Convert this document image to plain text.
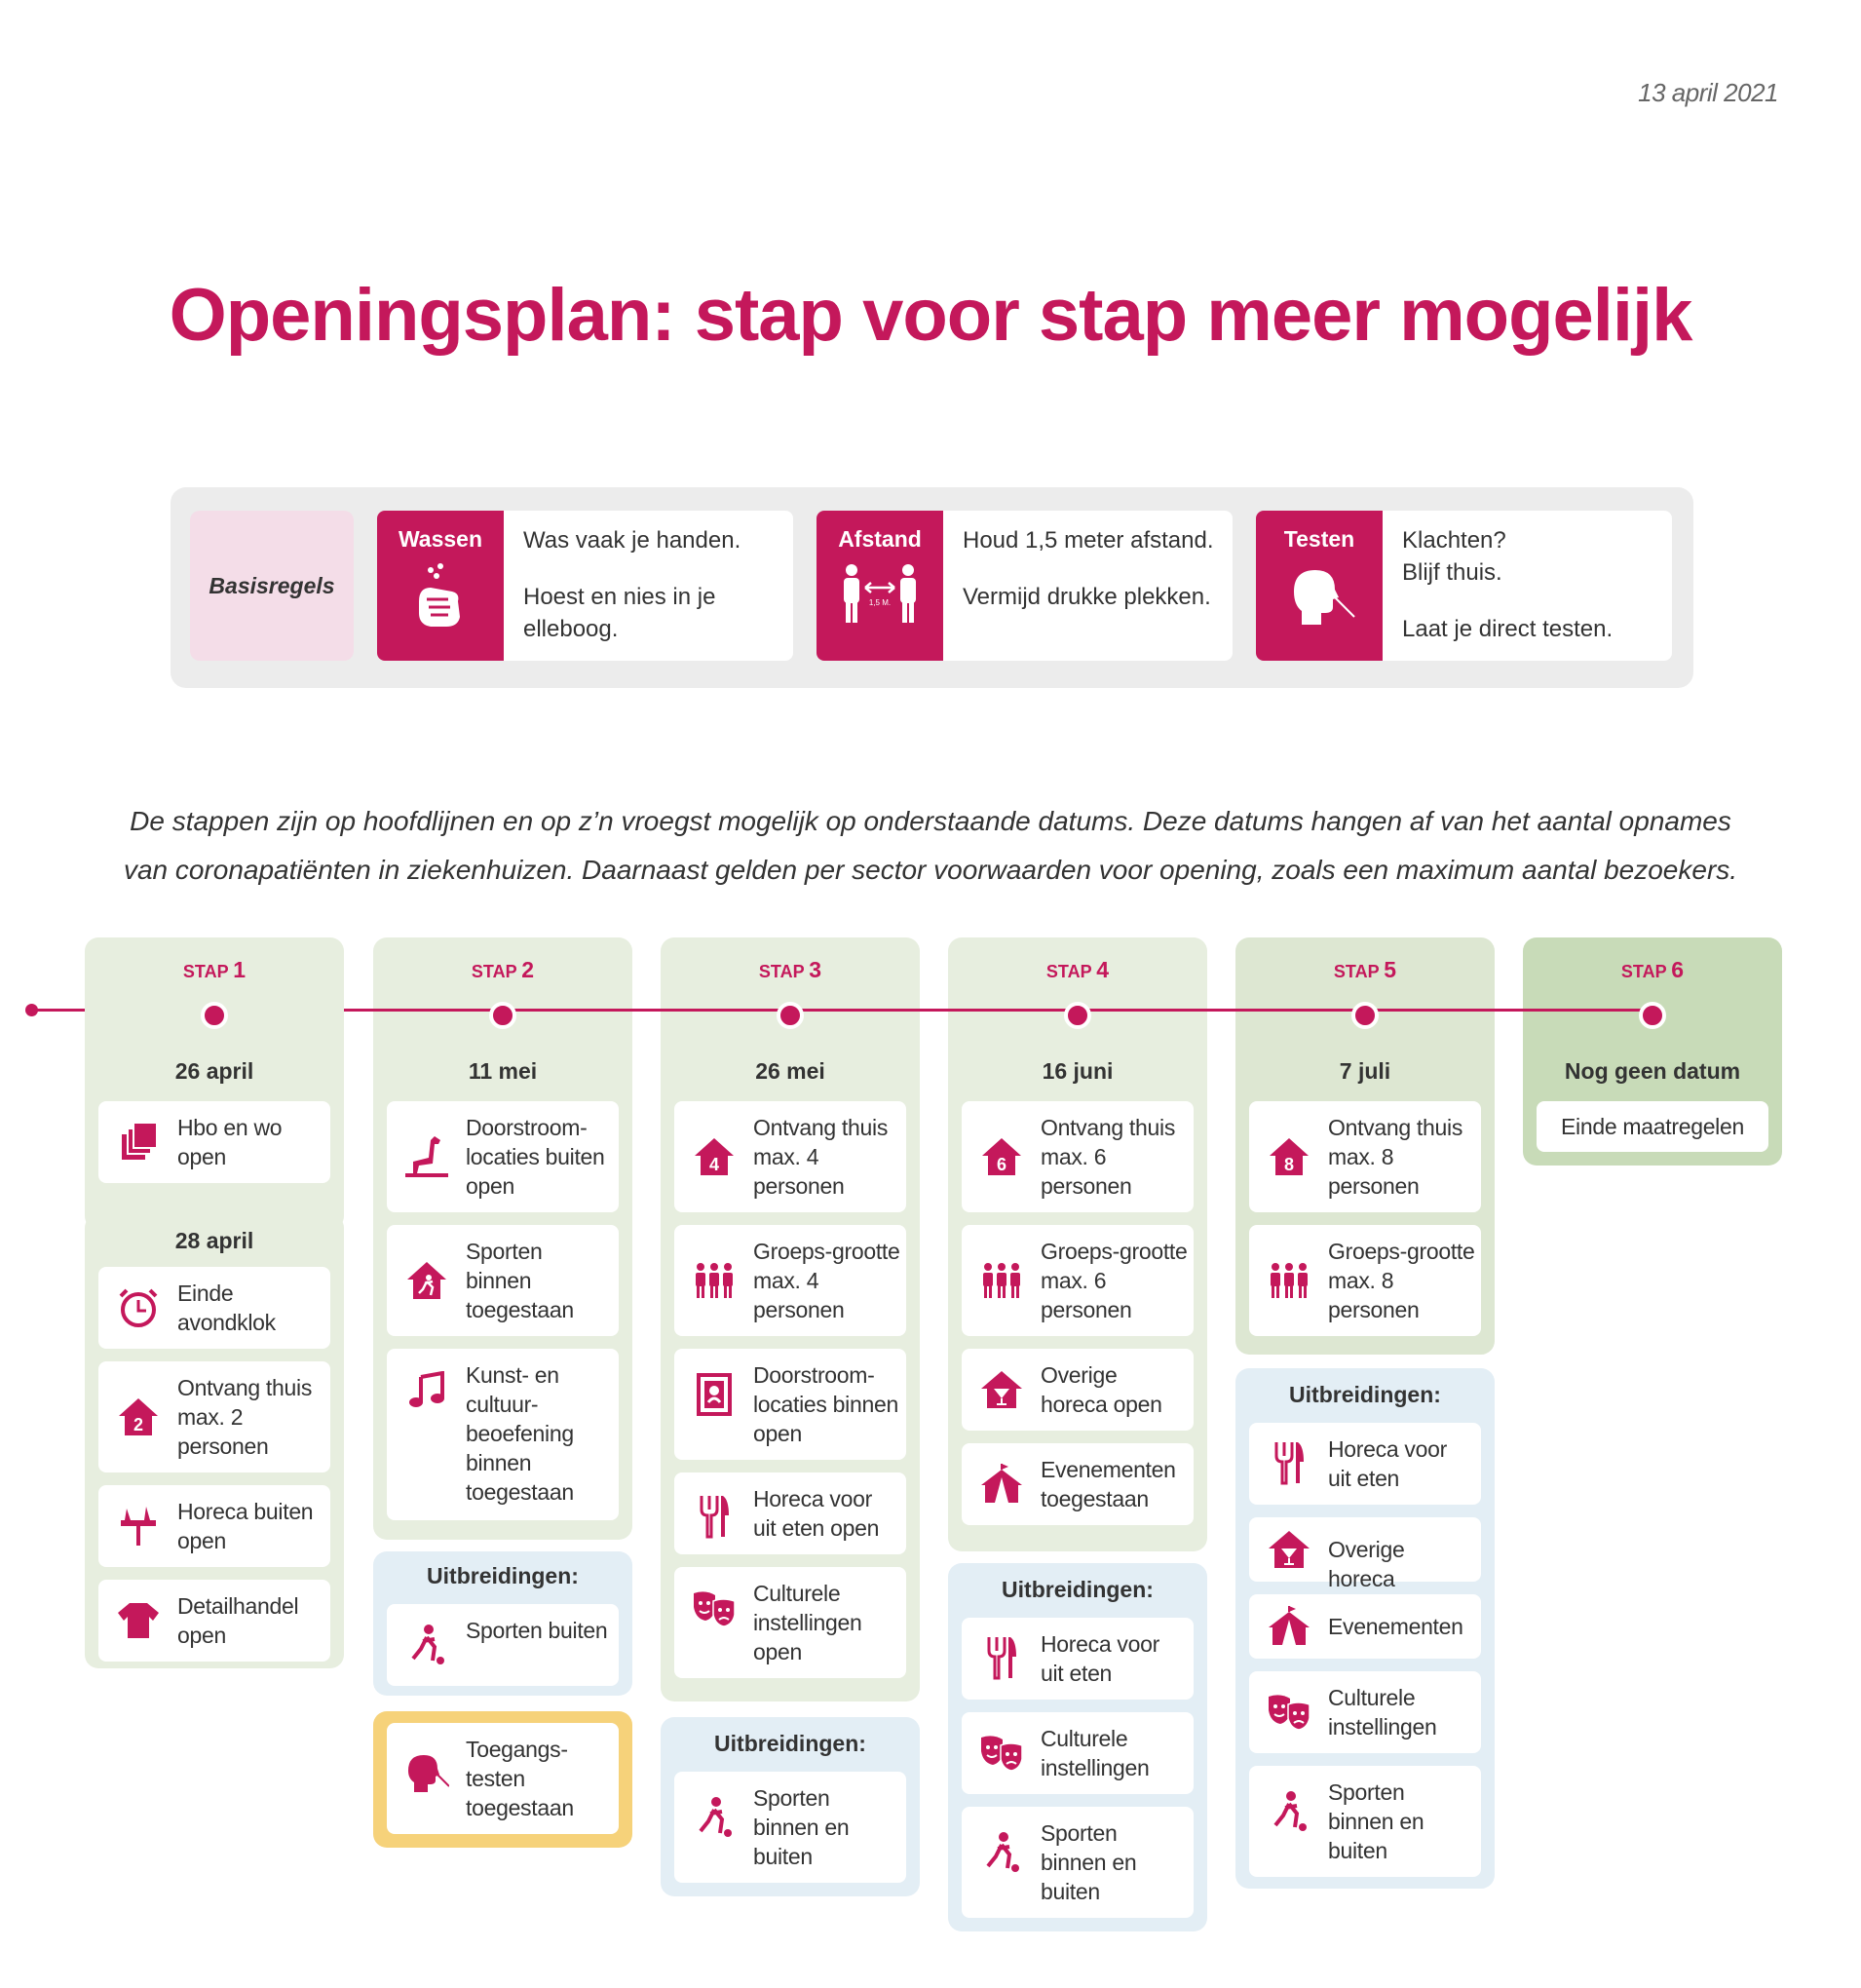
13 april 2021
Openingsplan: stap voor stap meer mogelijk
Basisregels
Wassen	Was vaak je handen.

Hoest en nies in je elleboog.

Afstand
1,5 M.

Houd 1,5 meter afstand.

Vermijd drukke plekken.

Testen	Klachten? Blijf thuis.

Laat je direct testen.

De stappen zijn op hoofdlijnen en op z’n vroegst mogelijk op onderstaande datums. Deze datums hangen af van het aantal opnames
van coronapatiënten in ziekenhuizen. Daarnaast gelden per sector voorwaarden voor opening, zoals een maximum aantal bezoekers.
STAP 1
26 april
Hbo en wo open
28 april
Einde avondklok
2
Ontvang thuis max. 2 personen
Horeca buiten open
Detailhandel open
STAP 2
11 mei
Doorstroom-locaties buiten open
Sporten binnen toegestaan
Kunst- en cultuur-beoefening binnen toegestaan
Uitbreidingen:
Sporten buiten
Toegangs-testen toegestaan
STAP 3
26 mei
4
Ontvang thuis max. 4 personen
Groeps-grootte max. 4 personen
Doorstroom-locaties binnen open
Horeca voor uit eten open
Culturele instellingen open
Uitbreidingen:
Sporten binnen en buiten
STAP 4
16 juni
6
Ontvang thuis max. 6 personen
Groeps-grootte max. 6 personen
Overige horeca open
Evenementen toegestaan
Uitbreidingen:
Horeca voor uit eten
Culturele instellingen
Sporten binnen en buiten
STAP 5
7 juli
8
Ontvang thuis max. 8 personen
Groeps-grootte max. 8 personen
Uitbreidingen:
Horeca voor uit eten
Overige horeca
Evenementen
Culturele instellingen
Sporten binnen en buiten
STAP 6
Nog geen datum
Einde maatregelen
